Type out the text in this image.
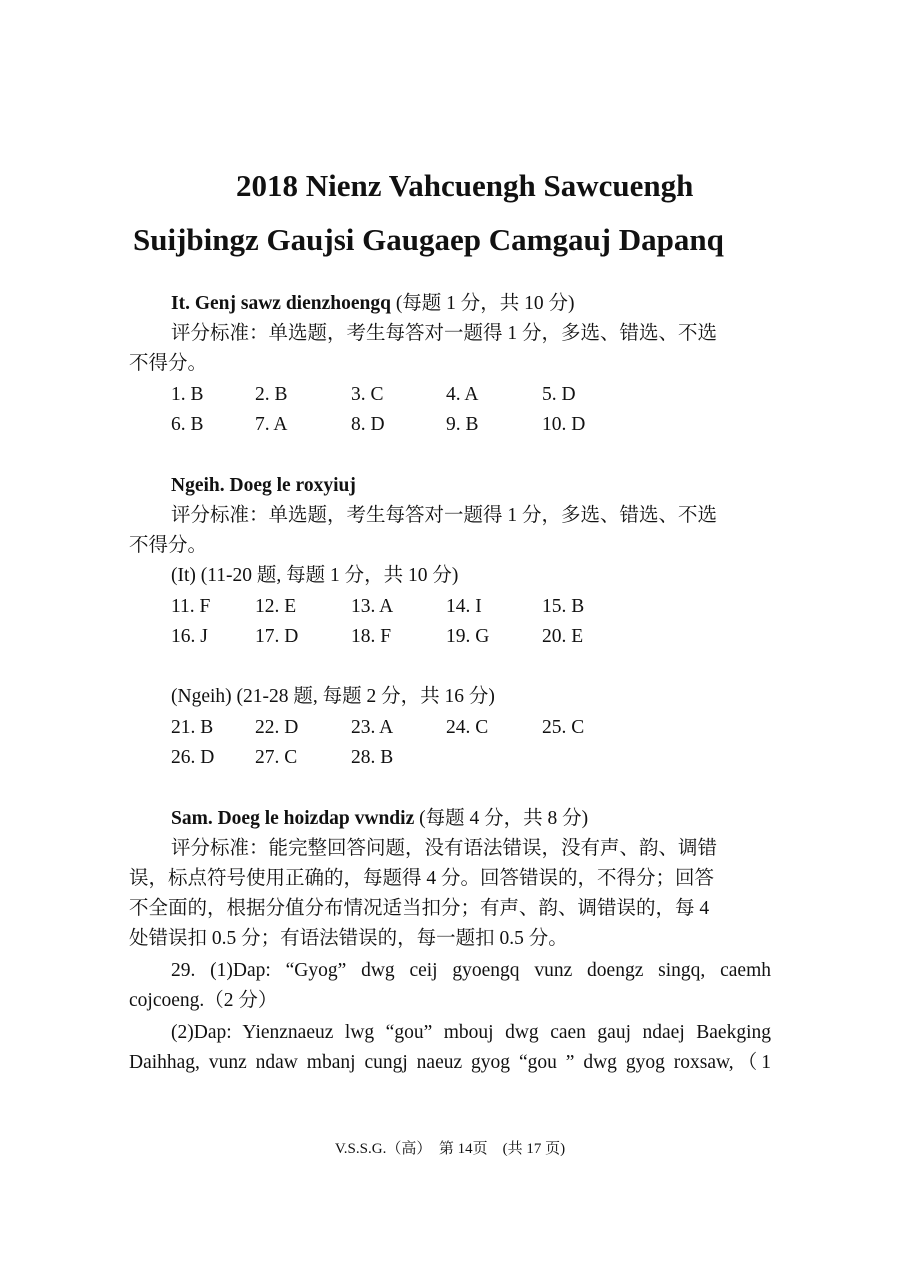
2018 Nienz Vahcuengh Sawcuengh
Suijbingz Gaujsi Gaugaep Camgauj Dapanq
It. Genj sawz dienzhoengq (每题 1 分，共 10 分)
评分标准：单选题，考生每答对一题得 1 分，多选、错选、不选
不得分。
1. B	2. B	3. C	4. A	5. D
6. B	7. A	8. D	9. B	10. D
Ngeih. Doeg le roxyiuj
评分标准：单选题，考生每答对一题得 1 分，多选、错选、不选
不得分。
(It) (11-20 题, 每题 1 分，共 10 分)
11. F 12. E	13. A	14. I	15. B
16. J 17. D	18. F	19. G	20. E
(Ngeih) (21-28 题, 每题 2 分，共 16 分)
21. B 22. D	23. A	24. C	25. C
26. D 27. C	28. B
Sam. Doeg le hoizdap vwndiz (每题 4 分，共 8 分)
评分标准：能完整回答问题，没有语法错误，没有声、韵、调错
误，标点符号使用正确的，每题得 4 分。回答错误的，不得分；回答
不全面的，根据分值分布情况适当扣分；有声、韵、调错误的，每 4
处错误扣 0.5 分；有语法错误的，每一题扣 0.5 分。
29. (1)Dap: “Gyog” dwg ceij gyoengq vunz doengz singq, caemh
cojcoeng.（2 分）
(2)Dap: Yienznaeuz lwg “gou” mbouj dwg caen gauj ndaej Baekging
Daihhag, vunz ndaw mbanj cungj naeuz gyog “gou ” dwg gyog roxsaw,（1
V.S.S.G.（高）　第 14页　(共 17 页)
